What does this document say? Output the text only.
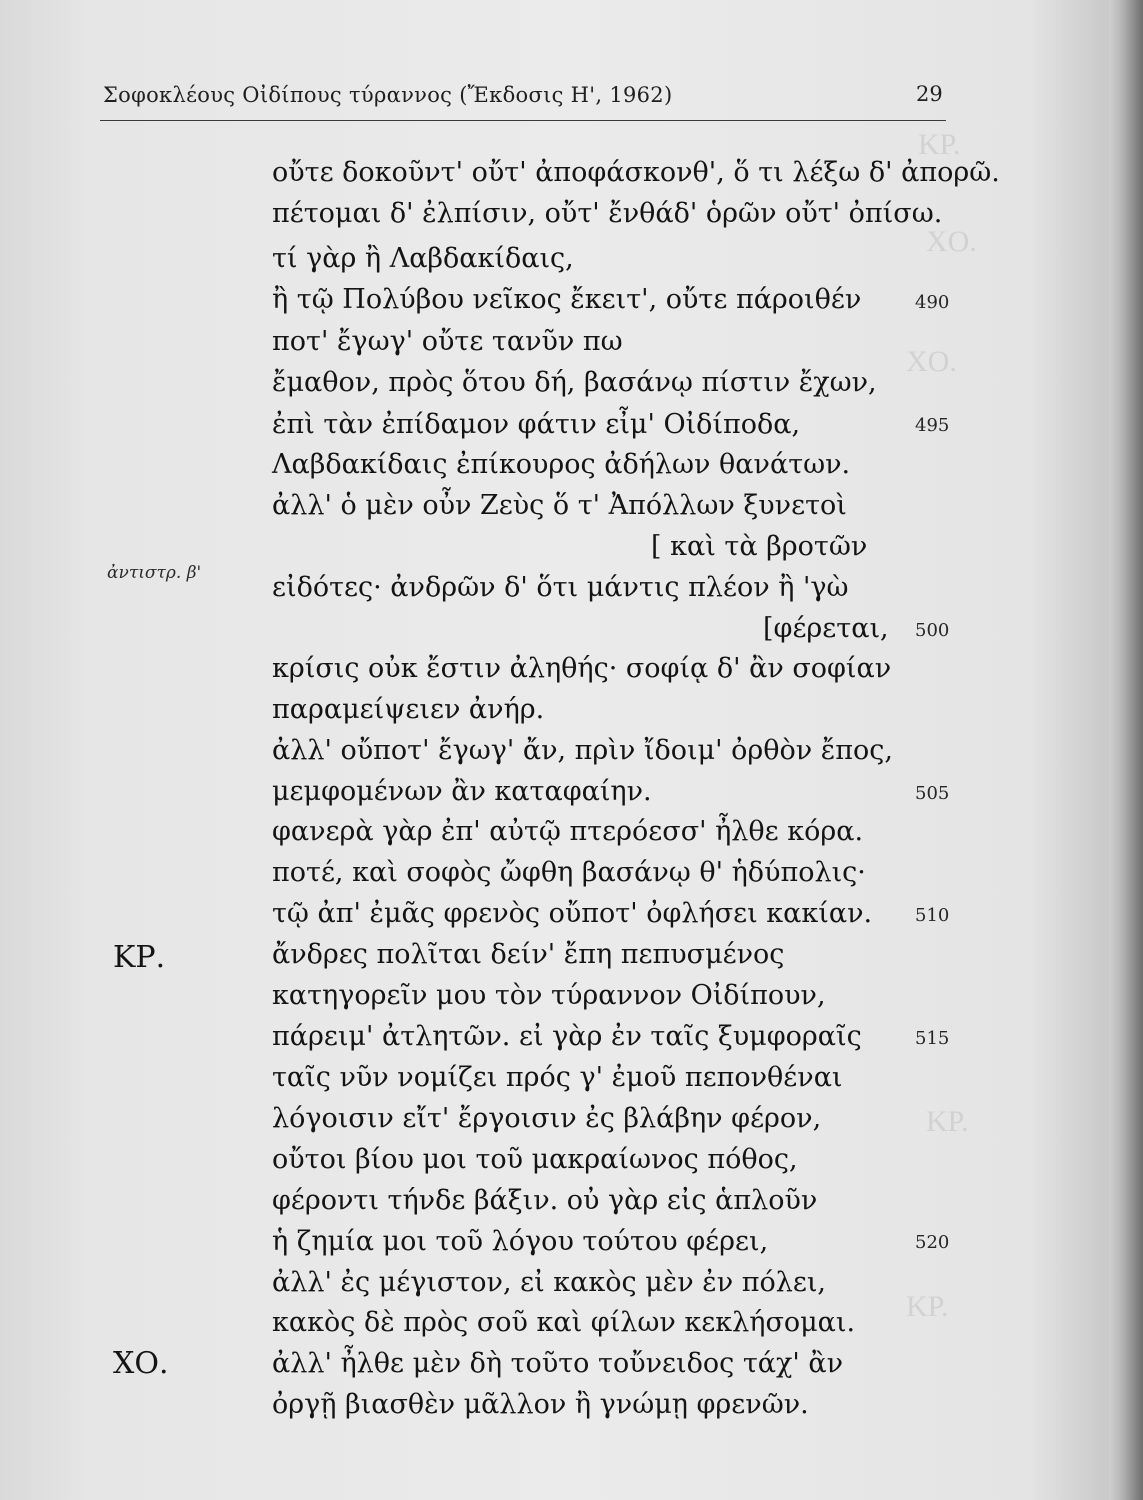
ΚΡ.
ΧΟ.
ΧΟ.
ΚΡ.
ΚΡ.
Σοφοκλέους Οἰδίπους τύραννος (Ἔκδοσις Η', 1962)	29
ἀντιστρ. β'
ΚΡ.
ΧΟ.
οὔτε δοκοῦντ' οὔτ' ἀποφάσκονθ', ὅ τι λέξω δ' ἀπορῶ.
πέτομαι δ' ἐλπίσιν, οὔτ' ἔνθάδ' ὁρῶν οὔτ' ὀπίσω.
τί γὰρ ἢ Λαβδακίδαις,
ἢ τῷ Πολύβου νεῖκος ἔκειτ', οὔτε πάροιθέν
ποτ' ἔγωγ' οὔτε τανῦν πω
ἔμαθον, πρὸς ὅτου δή, βασάνῳ πίστιν ἔχων,
ἐπὶ τὰν ἐπίδαμον φάτιν εἶμ' Οἰδίποδα,
Λαβδακίδαις ἐπίκουρος ἀδήλων θανάτων.
ἀλλ' ὁ μὲν οὖν Ζεὺς ὅ τ' Ἀπόλλων ξυνετοὶ
[ καὶ τὰ βροτῶν
εἰδότες· ἀνδρῶν δ' ὅτι μάντις πλέον ἢ 'γὼ
[φέρεται,
κρίσις οὐκ ἔστιν ἀληθής· σοφίᾳ δ' ἂν σοφίαν
παραμείψειεν ἀνήρ.
ἀλλ' οὔποτ' ἔγωγ' ἄν, πρὶν ἴδοιμ' ὀρθὸν ἔπος,
μεμφομένων ἂν καταφαίην.
φανερὰ γὰρ ἐπ' αὐτῷ πτερόεσσ' ἦλθε κόρα.
ποτέ, καὶ σοφὸς ὤφθη βασάνῳ θ' ἡδύπολις·
τῷ ἀπ' ἐμᾶς φρενὸς οὔποτ' ὀφλήσει κακίαν.
ἄνδρες πολῖται δείν' ἔπη πεπυσμένος
κατηγορεῖν μου τὸν τύραννον Οἰδίπουν,
πάρειμ' ἀτλητῶν. εἰ γὰρ ἐν ταῖς ξυμφοραῖς
ταῖς νῦν νομίζει πρός γ' ἐμοῦ πεπονθέναι
λόγοισιν εἴτ' ἔργοισιν ἐς βλάβην φέρον,
οὔτοι βίου μοι τοῦ μακραίωνος πόθος,
φέροντι τήνδε βάξιν. οὐ γὰρ εἰς ἁπλοῦν
ἡ ζημία μοι τοῦ λόγου τούτου φέρει,
ἀλλ' ἐς μέγιστον, εἰ κακὸς μὲν ἐν πόλει,
κακὸς δὲ πρὸς σοῦ καὶ φίλων κεκλήσομαι.
ἀλλ' ἦλθε μὲν δὴ τοῦτο τοὔνειδος τάχ' ἂν
ὀργῇ βιασθὲν μᾶλλον ἢ γνώμῃ φρενῶν.
490
495
500
505
510
515
520
